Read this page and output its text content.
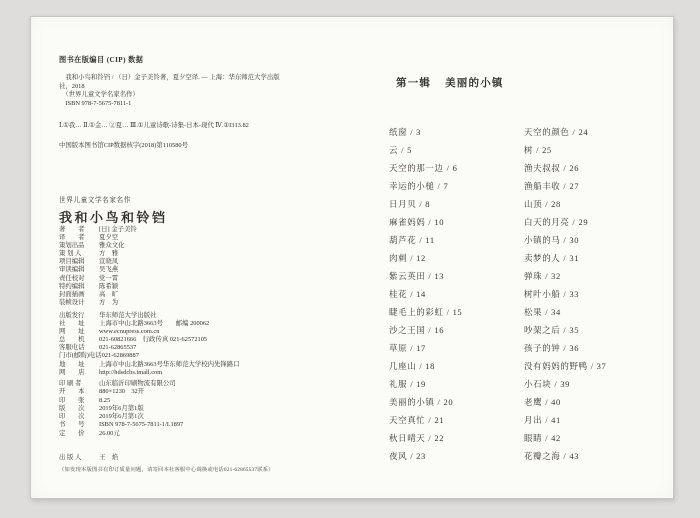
图书在版编目 (CIP) 数据
　我和小鸟和铃铛 / （日）金子美铃著，夏夕空译. — 上海：华东师范大学出版
社，2018
　（世界儿童文学名家名作）
　ISBN 978-7-5675-7811-1
Ⅰ.①我… Ⅱ.①金… ②夏… Ⅲ.①儿童诗歌-诗集-日本-现代 Ⅳ.①I313.82
中国版本图书馆CIP数据核字(2018)第110580号
世界儿童文学名家名作
我和小鸟和铃铛
著　　者	[日] 金子美铃
译　　者	夏夕空
策划出品	雅众文化
策 划 人	方　雅
项目编辑	宣晓凤
审读编辑	吴飞燕
责任校对	党一霄
特约编辑	陈希颖
封面插画	高　旷
装帧设计	方　为
出版发行	华东师范大学出版社
社　　址	上海市中山北路3663号　　邮编 200062
网　　址	www.ecnupress.com.cn
总　　机	021-60821666　行政传真 021-62572105
客服电话	021-62865537
门市(邮购)电话 021-62869887
地　　址	上海市中山北路3663号华东师范大学校内先锋路口
网　　店	http://hdsdcbs.tmall.com
印 刷 者	山东临沂印刷物流有限公司
开　　本	880×1230　32开
印　　张	8.25
版　　次	2019年6月第1版
印　　次	2019年6月第1次
书　　号	ISBN 978-7-5675-7811-1/I.1897
定　　价	26.00元
出 版 人	王　焰
（如发现本版图书有印订质量问题，请寄回本社客服中心调换或电话021-62865537联系）
第一辑 美丽的小镇
纸窗 / 3
云 / 5
天空的那一边 / 6
幸运的小槌 / 7
日月贝 / 8
麻雀妈妈 / 10
葫芦花 / 11
肉刺 / 12
紫云英田 / 13
桂花 / 14
睫毛上的彩虹 / 15
沙之王国 / 16
草原 / 17
几座山 / 18
礼服 / 19
美丽的小镇 / 20
天空真忙 / 21
秋日晴天 / 22
夜风 / 23
天空的颜色 / 24
树 / 25
渔夫叔叔 / 26
渔船丰收 / 27
山顶 / 28
白天的月亮 / 29
小镇的马 / 30
卖梦的人 / 31
弹珠 / 32
树叶小船 / 33
松果 / 34
吵架之后 / 35
孩子的钟 / 36
没有妈妈的野鸭 / 37
小石块 / 39
老鹰 / 40
月出 / 41
眼睛 / 42
花瓣之海 / 43
